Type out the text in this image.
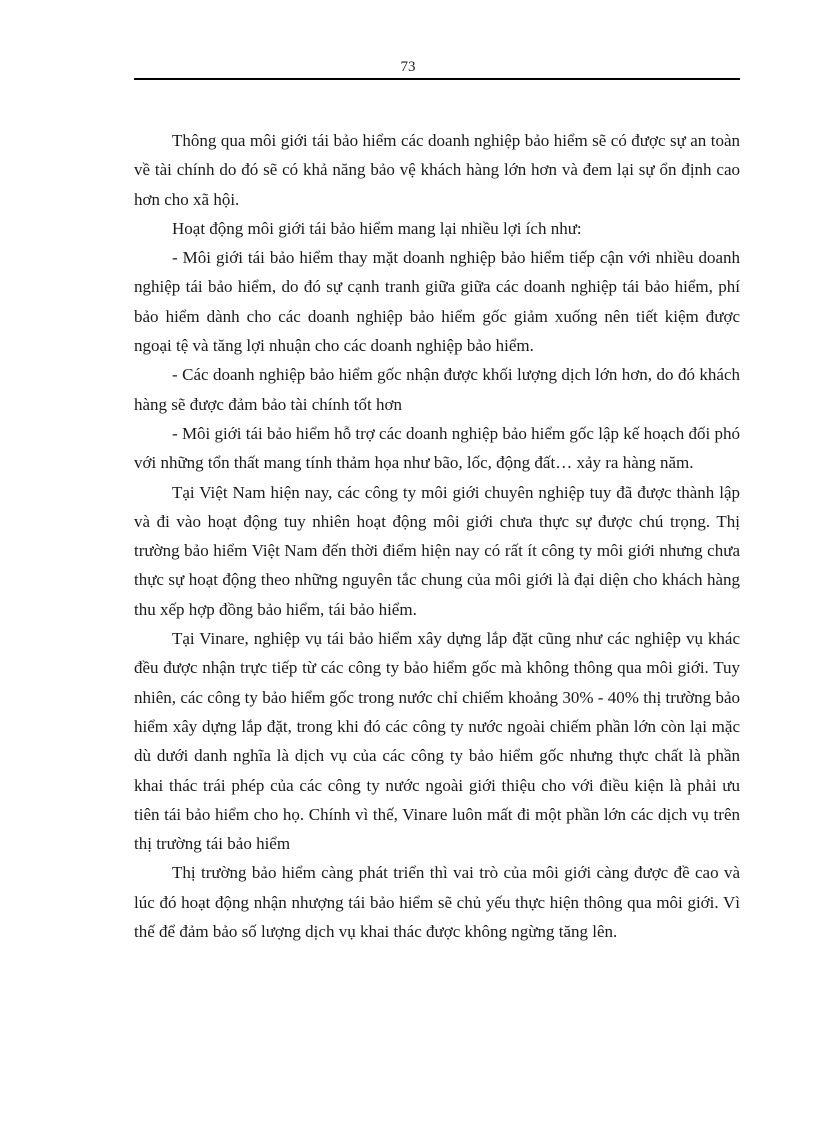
73

Thông qua môi giới tái bảo hiểm các doanh nghiệp bảo hiểm sẽ có được sự an toàn về tài chính do đó sẽ có khả năng bảo vệ khách hàng lớn hơn và đem lại sự ổn định cao hơn cho xã hội.

Hoạt động môi giới tái bảo hiểm mang lại nhiều lợi ích như:

- Môi giới tái bảo hiểm thay mặt doanh nghiệp bảo hiểm tiếp cận với nhiều doanh nghiệp tái bảo hiểm, do đó sự cạnh tranh giữa giữa các doanh nghiệp tái bảo hiểm, phí bảo hiểm dành cho các doanh nghiệp bảo hiểm gốc giảm xuống nên tiết kiệm được ngoại tệ và tăng lợi nhuận cho các doanh nghiệp bảo hiểm.

- Các doanh nghiệp bảo hiểm gốc nhận được khối lượng dịch lớn hơn, do đó khách hàng sẽ được đảm bảo tài chính tốt hơn

- Môi giới tái bảo hiểm hỗ trợ các doanh nghiệp bảo hiểm gốc lập kế hoạch đối phó với những tổn thất mang tính thảm họa như bão, lốc, động đất… xảy ra hàng năm.

Tại Việt Nam hiện nay, các công ty môi giới chuyên nghiệp tuy đã được thành lập và đi vào hoạt động tuy nhiên hoạt động môi giới chưa thực sự được chú trọng. Thị trường bảo hiểm Việt Nam đến thời điểm hiện nay có rất ít công ty môi giới nhưng chưa thực sự hoạt động theo những nguyên tắc chung của môi giới là đại diện cho khách hàng thu xếp hợp đồng bảo hiểm, tái bảo hiểm.

Tại Vinare, nghiệp vụ tái bảo hiểm xây dựng lắp đặt cũng như các nghiệp vụ khác đều được nhận trực tiếp từ các công ty bảo hiểm gốc mà không thông qua môi giới. Tuy nhiên, các công ty bảo hiểm gốc trong nước chỉ chiếm khoảng 30% - 40% thị trường bảo hiểm xây dựng lắp đặt, trong khi đó các công ty nước ngoài chiếm phần lớn còn lại mặc dù dưới danh nghĩa là dịch vụ của các công ty bảo hiểm gốc nhưng thực chất là phần khai thác trái phép của các công ty nước ngoài giới thiệu cho với điều kiện là phải ưu tiên tái bảo hiểm cho họ. Chính vì thế, Vinare luôn mất đi một phần lớn các dịch vụ trên thị trường tái bảo hiểm

Thị trường bảo hiểm càng phát triển thì vai trò của môi giới càng được đề cao và lúc đó hoạt động nhận nhượng tái bảo hiểm sẽ chủ yếu thực hiện thông qua môi giới. Vì thế để đảm bảo số lượng dịch vụ khai thác được không ngừng tăng lên.
